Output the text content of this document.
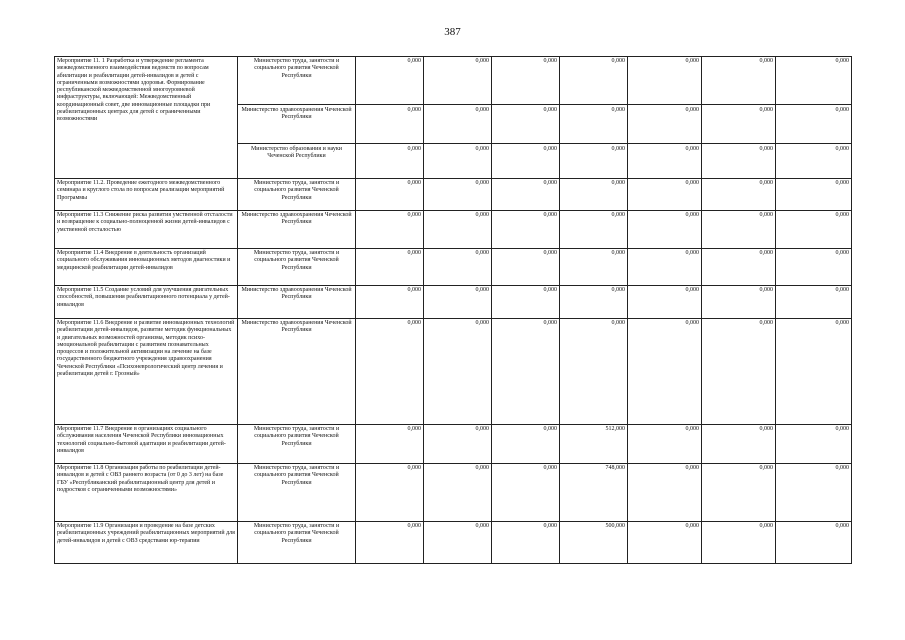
387
Мероприятие 11. 1 Разработка и утверждение регламента межведомственного взаимодействия ведомств по вопросам абилитации и реабилитации детей-инвалидов и детей с ограниченными возможностями здоровья. Формирование республиканской межведомственной многоуровневой инфраструктуры, включающей: Межведомственный координационный совет, две инновационные площадки при реабилитационных центрах для детей с ограниченными возможностями	Министерство труда, занятости и социального развития Чеченской Республики	0,000	0,000	0,000	0,000	0,000	0,000	0,000
	Министерство здравоохранения Чеченской Республики	0,000	0,000	0,000	0,000	0,000	0,000	0,000
	Министерство образования и науки Чеченской Республики	0,000	0,000	0,000	0,000	0,000	0,000	0,000
Мероприятие 11.2. Проведение ежегодного межведомственного семинара и круглого стола по вопросам реализации мероприятий Программы	Министерство труда, занятости и социального развития Чеченской Республики	0,000	0,000	0,000	0,000	0,000	0,000	0,000
Мероприятие 11.3 Снижение риска развития умственной отсталости и возвращение к социально-полноценной жизни детей-инвалидов с умственной отсталостью	Министерство здравоохранения Чеченской Республики	0,000	0,000	0,000	0,000	0,000	0,000	0,000
Мероприятие 11.4 Внедрение в деятельность организаций социального обслуживания инновационных методов диагностики и медицинской реабилитации детей-инвалидов	Министерство труда, занятости и социального развития Чеченской Республики	0,000	0,000	0,000	0,000	0,000	0,000	0,000
Мероприятие 11.5 Создание условий для улучшения двигательных способностей, повышения реабилитационного потенциала у детей-инвалидов	Министерство здравоохранения Чеченской Республики	0,000	0,000	0,000	0,000	0,000	0,000	0,000
Мероприятие 11.6 Внедрение и развитие инновационных технологий реабилитации детей-инвалидов, развитие методик функциональных и двигательных возможностей организма, методик психо-эмоциональной реабилитации с развитием познавательных процессов и положительной активизации на лечение на базе государственного бюджетного учреждения здравоохранения Чеченской Республики «Психоневрологический центр лечения и реабилитации детей г. Грозный»	Министерство здравоохранения Чеченской Республики	0,000	0,000	0,000	0,000	0,000	0,000	0,000
Мероприятие 11.7 Внедрение в организациях социального обслуживания населения Чеченской Республики инновационных технологий социально-бытовой адаптации и реабилитации детей-инвалидов	Министерство труда, занятости и социального развития Чеченской Республики	0,000	0,000	0,000	512,000	0,000	0,000	0,000
Мероприятие 11.8 Организация работы по реабилитации детей-инвалидов и детей с ОВЗ раннего возраста (от 0 до 3 лет) на базе ГБУ «Республиканский реабилитационный центр для детей и подростков с ограниченными возможностями»	Министерство труда, занятости и социального развития Чеченской Республики	0,000	0,000	0,000	748,000	0,000	0,000	0,000
Мероприятие 11.9 Организация и проведение на базе детских реабилитационных учреждений реабилитационных мероприятий для детей-инвалидов и детей с ОВЗ средствами юр-терапии	Министерство труда, занятости и социального развития Чеченской Республики	0,000	0,000	0,000	500,000	0,000	0,000	0,000
